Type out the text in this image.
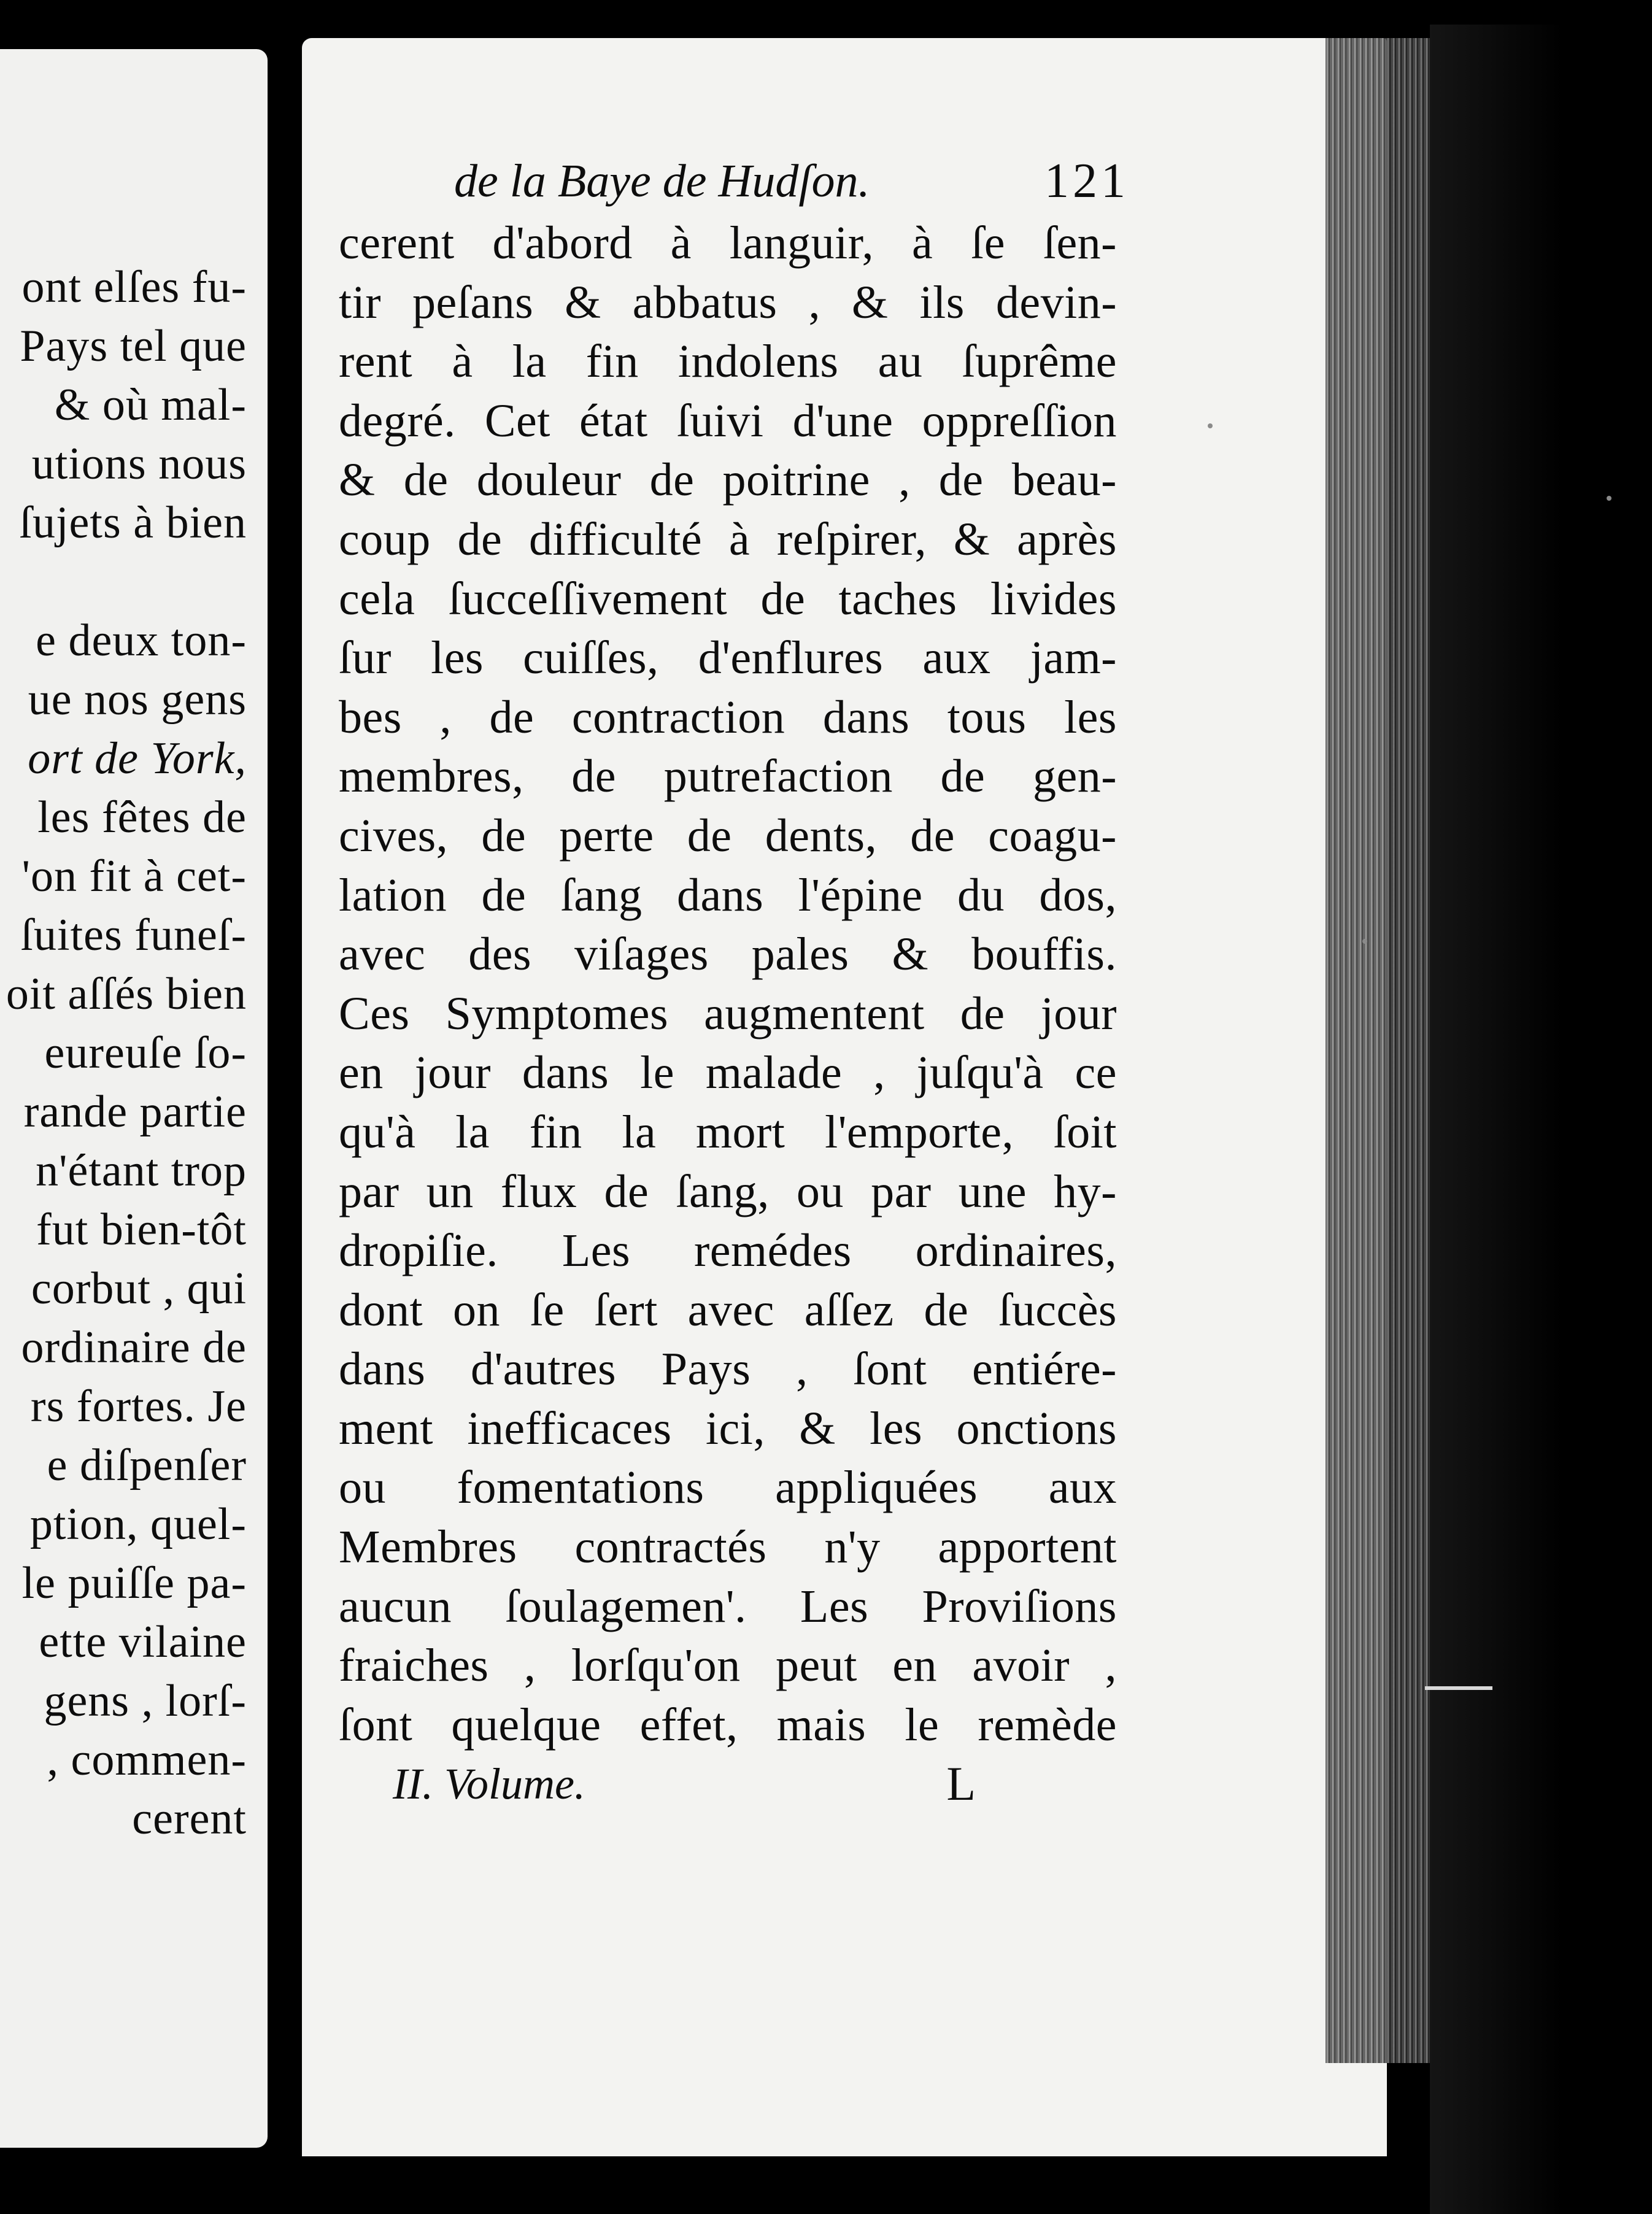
ont elſes fu-
Pays tel que
& où mal-
utions nous
ſujets à bien
e deux ton-
ue nos gens
ort de York,
les fêtes de
'on fit à cet-
ſuites funeſ-
oit aſſés bien
eureuſe ſo-
rande partie
n'étant trop
fut bien-tôt
corbut , qui
ordinaire de
rs fortes. Je
e diſpenſer
ption, quel-
le puiſſe pa-
ette vilaine
gens , lorſ-
, commen-
cerent
de la Baye de Hudſon.	121
cerent d'abord à languir, à ſe ſen-
tir peſans & abbatus , & ils devin-
rent à la fin indolens au ſuprême
degré. Cet état ſuivi d'une oppreſſion
& de douleur de poitrine , de beau-
coup de difficulté à reſpirer, & après
cela ſucceſſivement de taches livides
ſur les cuiſſes, d'enflures aux jam-
bes , de contraction dans tous les
membres, de putrefaction de gen-
cives, de perte de dents, de coagu-
lation de ſang dans l'épine du dos,
avec des viſages pales & bouffis.
Ces Symptomes augmentent de jour
en jour dans le malade , juſqu'à ce
qu'à la fin la mort l'emporte, ſoit
par un flux de ſang, ou par une hy-
dropiſie. Les remédes ordinaires,
dont on ſe ſert avec aſſez de ſuccès
dans d'autres Pays , ſont entiére-
ment inefficaces ici, & les onctions
ou fomentations appliquées aux
Membres contractés n'y apportent
aucun ſoulagemen'. Les Proviſions
fraiches , lorſqu'on peut en avoir ,
ſont quelque effet, mais le remède
II. Volume.	L
